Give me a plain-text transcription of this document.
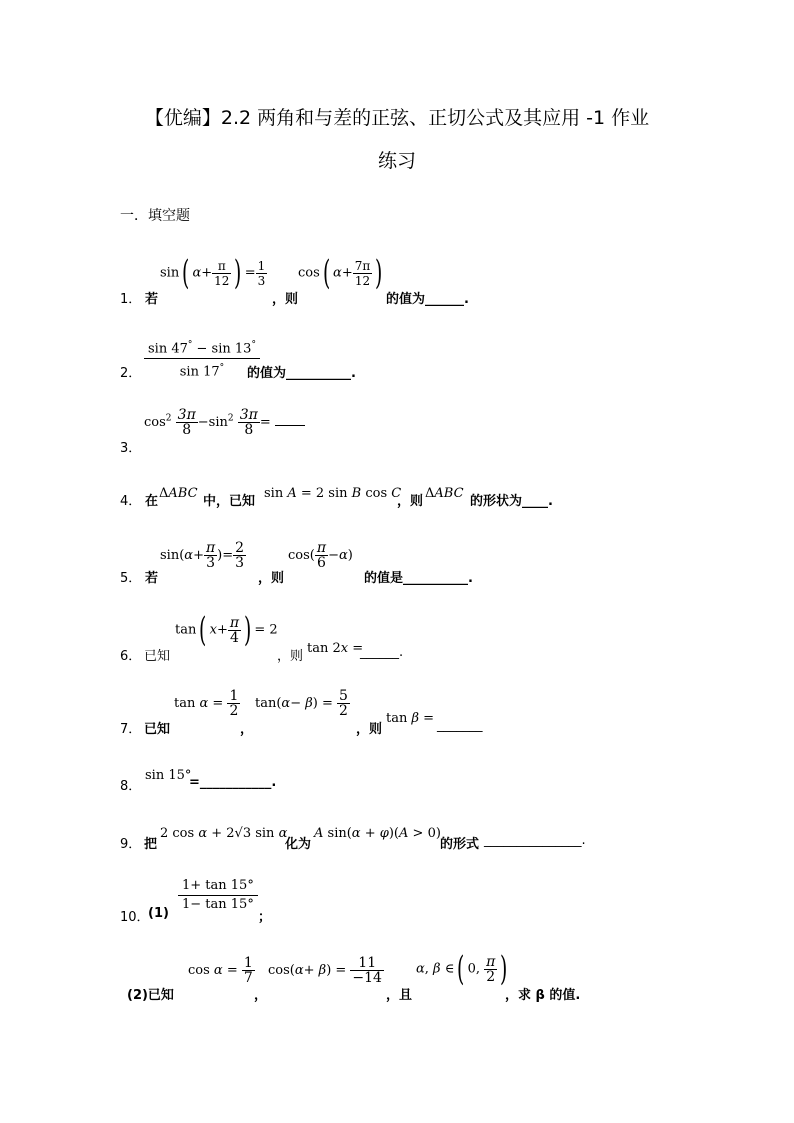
【优编】2.2 两角和与差的正弦、正切公式及其应用 -1 作业
练习
一．填空题
1． 若
sin( $\alpha+ \frac{\pi}{12}$ ) = $\frac{1}{3}$
，则
cos( $\alpha+ \frac{7\pi}{12}$ )
的值为______.
2． $\frac{\sin 47^\circ - \sin 13^\circ}{\sin 17^\circ}$
的值为__________.
3．
$\cos^2 \frac{3\pi}{8} -\sin^2 \frac{3\pi}{8}$ =
4． 在
ΔABC
中，已知
sin A = 2 sin B cos C
，则
ΔABC
的形状为____.
5． 若
$\sin(\alpha+ \frac{\pi}{3}$ )= $\frac{2}{3}$
，则
$\cos( \frac{\pi}{6} -\alpha)$
的值是__________.
6． 已知
tan( $x+ \frac{\pi}{4}$ ) = 2
，则
tan 2x =
______.
7． 已知
$\tan \alpha = \frac{1}{2}$
，
$\tan(\alpha- \beta) = \frac{5}{2}$
，则
tan β = _______
8．
sin 15°
=___________.
9． 把
2 cos α + 2√3 sin α
化为
A sin(α + φ)(A > 0)
的形式 _______________.
10．
$(1) \frac{1+ \tan 15^\circ}{1- \tan 15^\circ}$
；
(2)已知
$\cos \alpha = \frac{1}{7}$
，
$\cos(\alpha+ \beta) = \frac{11}{-14}$
，且
α, β ∈( 0, $\frac{\pi}{2}$ )
，求 β 的值.
